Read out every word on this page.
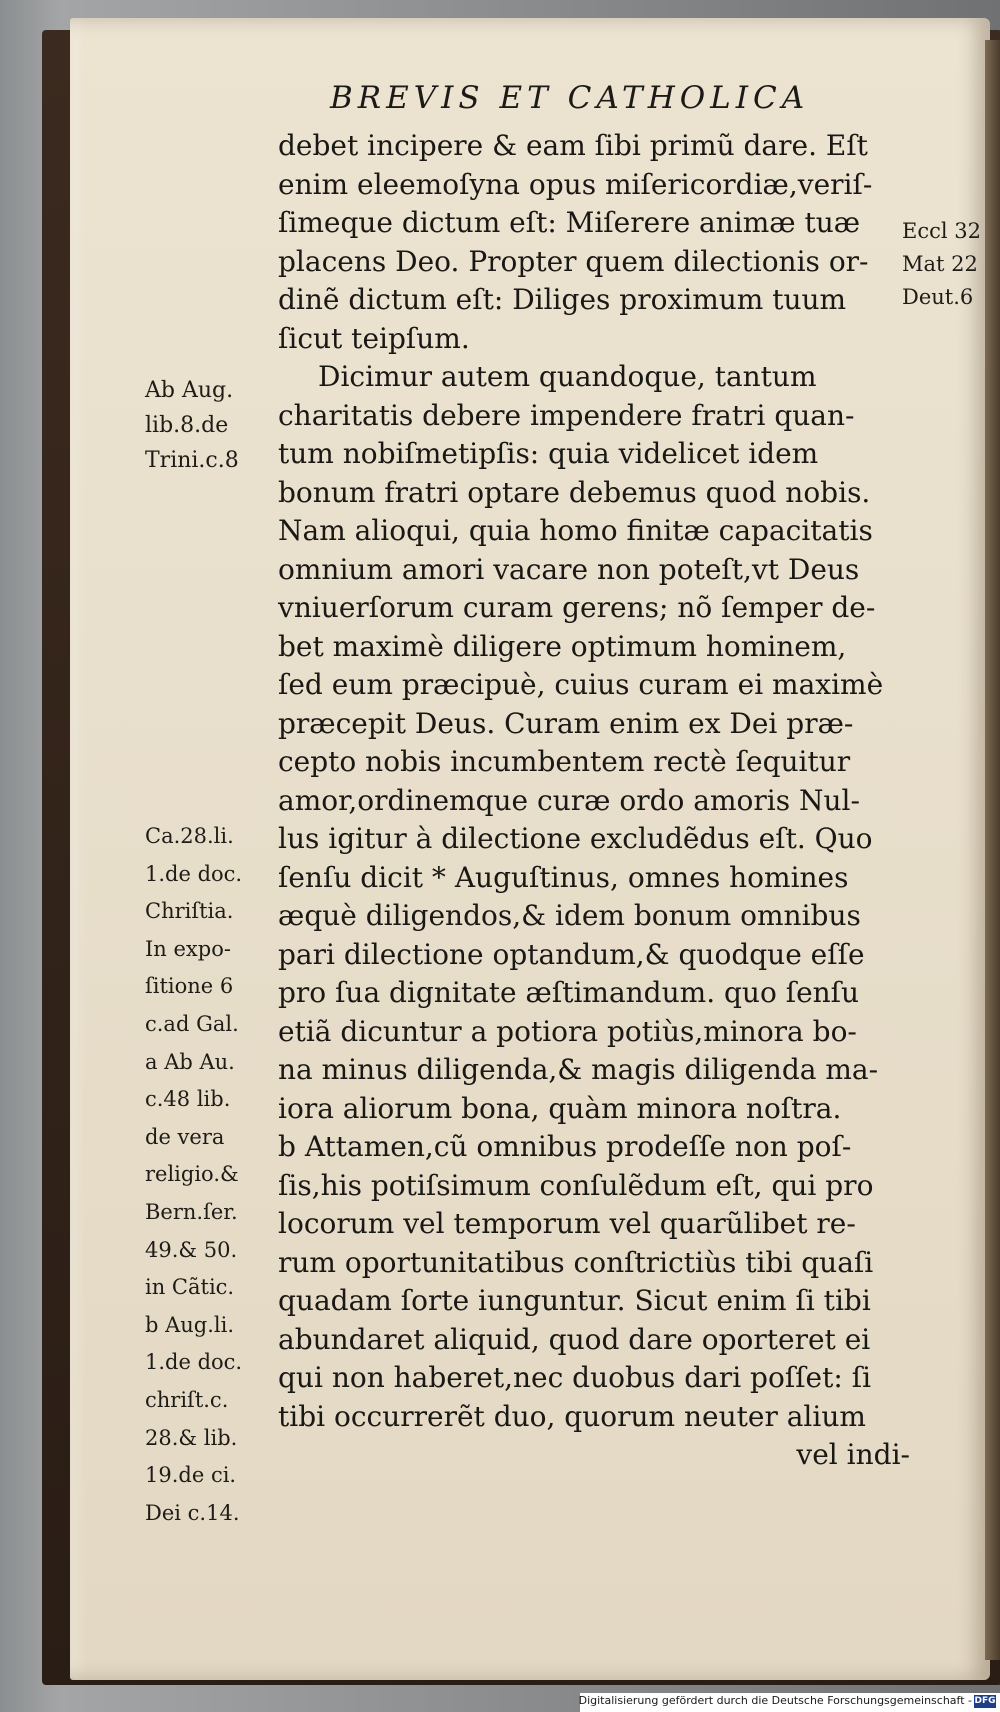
BREVIS ET CATHOLICA
debet incipere & eam ſibi primũ dare. Eſt
enim eleemoſyna opus miſericordiæ,veriſ-
ſimeque dictum eſt: Miſerere animæ tuæ
placens Deo. Propter quem dilectionis or-
dinẽ dictum eſt: Diliges proximum tuum
ſicut teipſum.
Dicimur autem quandoque, tantum
charitatis debere impendere fratri quan-
tum nobiſmetipſis: quia videlicet idem
bonum fratri optare debemus quod nobis.
Nam alioqui, quia homo finitæ capacitatis
omnium amori vacare non poteſt,vt Deus
vniuerſorum curam gerens; nõ ſemper de-
bet maximè diligere optimum hominem,
ſed eum præcipuè, cuius curam ei maximè
præcepit Deus. Curam enim ex Dei præ-
cepto nobis incumbentem rectè ſequitur
amor,ordinemque curæ ordo amoris Nul-
lus igitur à dilectione excludẽdus eſt. Quo
ſenſu dicit * Auguſtinus, omnes homines
æquè diligendos,& idem bonum omnibus
pari dilectione optandum,& quodque eſſe
pro ſua dignitate æſtimandum. quo ſenſu
etiã dicuntur a potiora potiùs,minora bo-
na minus diligenda,& magis diligenda ma-
iora aliorum bona, quàm minora noſtra.
b Attamen,cũ omnibus prodeſſe non poſ-
ſis,his potiſsimum conſulẽdum eſt, qui pro
locorum vel temporum vel quarũlibet re-
rum oportunitatibus conſtrictiùs tibi quaſi
quadam ſorte iunguntur. Sicut enim ſi tibi
abundaret aliquid, quod dare oporteret ei
qui non haberet,nec duobus dari poſſet: ſi
tibi occurrerẽt duo, quorum neuter alium
vel indi-
Ab Aug.
lib.8.de
Trini.c.8
Ca.28.li.
1.de doc.
Chriſtia.
In expo-
ſitione 6
c.ad Gal.
a Ab Au.
c.48 lib.
de vera
religio.&
Bern.ſer.
49.& 50.
in Cãtic.
b Aug.li.
1.de doc.
chriſt.c.
28.& lib.
19.de ci.
Dei c.14.
Eccl 32
Mat 22
Deut.6
Digitalisierung gefördert durch die Deutsche Forschungsgemeinschaft - DFG
